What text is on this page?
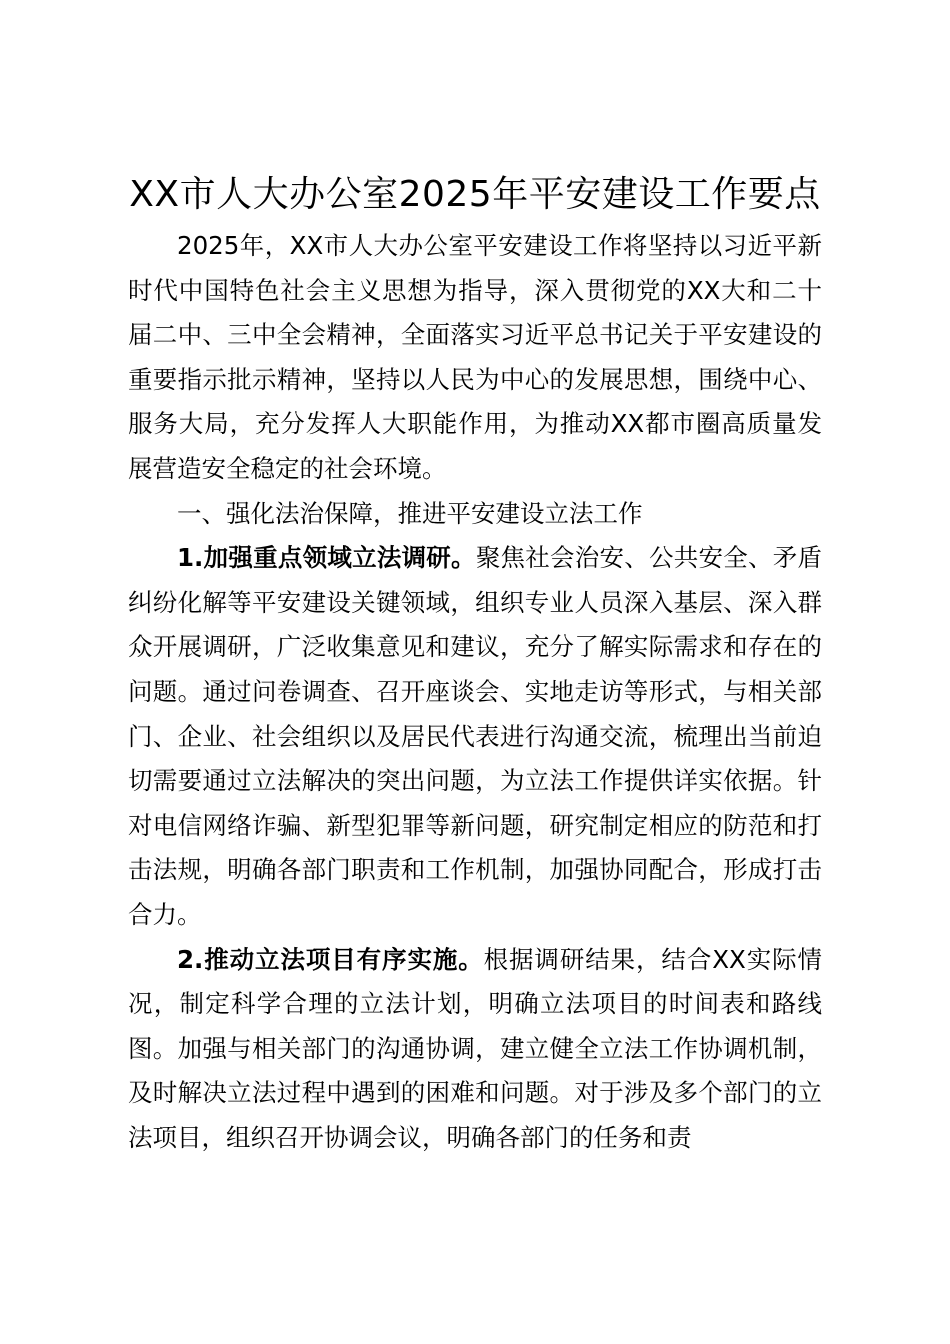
XX市人大办公室2025年平安建设工作要点

2025年，XX市人大办公室平安建设工作将坚持以习近平新时代中国特色社会主义思想为指导，深入贯彻党的XX大和二十届二中、三中全会精神，全面落实习近平总书记关于平安建设的重要指示批示精神，坚持以人民为中心的发展思想，围绕中心、服务大局，充分发挥人大职能作用，为推动XX都市圈高质量发展营造安全稳定的社会环境。

一、强化法治保障，推进平安建设立法工作

1.加强重点领域立法调研。聚焦社会治安、公共安全、矛盾纠纷化解等平安建设关键领域，组织专业人员深入基层、深入群众开展调研，广泛收集意见和建议，充分了解实际需求和存在的问题。通过问卷调查、召开座谈会、实地走访等形式，与相关部门、企业、社会组织以及居民代表进行沟通交流，梳理出当前迫切需要通过立法解决的突出问题，为立法工作提供详实依据。针对电信网络诈骗、新型犯罪等新问题，研究制定相应的防范和打击法规，明确各部门职责和工作机制，加强协同配合，形成打击合力。

2.推动立法项目有序实施。根据调研结果，结合XX实际情况，制定科学合理的立法计划，明确立法项目的时间表和路线图。加强与相关部门的沟通协调，建立健全立法工作协调机制，及时解决立法过程中遇到的困难和问题。对于涉及多个部门的立法项目，组织召开协调会议，明确各部门的任务和责
